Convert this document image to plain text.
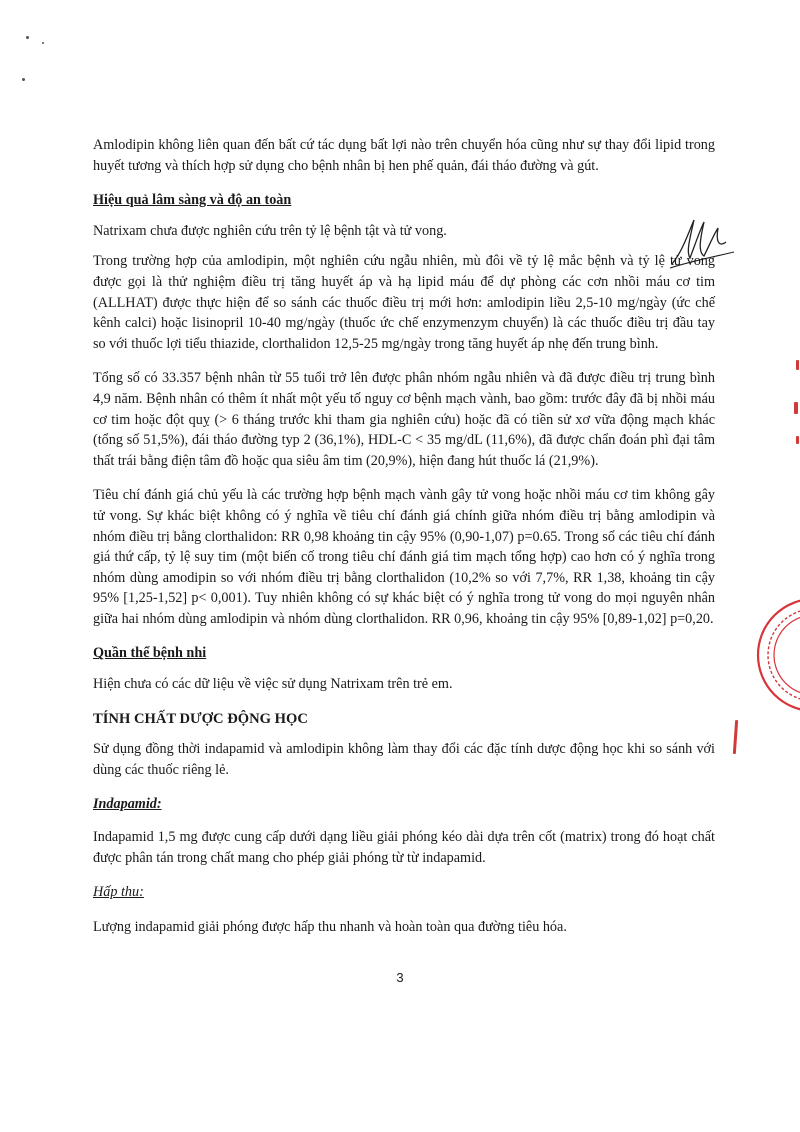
Amlodipin không liên quan đến bất cứ tác dụng bất lợi nào trên chuyển hóa cũng như sự thay đổi lipid trong huyết tương và thích hợp sử dụng cho bệnh nhân bị hen phế quản, đái tháo đường và gút.

Hiệu quả lâm sàng và độ an toàn

Natrixam chưa được nghiên cứu trên tỷ lệ bệnh tật và tử vong.

Trong trường hợp của amlodipin, một nghiên cứu ngẫu nhiên, mù đôi về tỷ lệ mắc bệnh và tỷ lệ tử vong được gọi là thử nghiệm điều trị tăng huyết áp và hạ lipid máu để dự phòng các cơn nhồi máu cơ tim (ALLHAT) được thực hiện để so sánh các thuốc điều trị mới hơn: amlodipin liều 2,5-10 mg/ngày (ức chế kênh calci) hoặc lisinopril 10-40 mg/ngày (thuốc ức chế enzymenzym chuyển) là các thuốc điều trị đầu tay so với thuốc lợi tiểu thiazide, clorthalidon 12,5-25 mg/ngày trong tăng huyết áp nhẹ đến trung bình.

Tổng số có 33.357 bệnh nhân từ 55 tuổi trở lên được phân nhóm ngẫu nhiên và đã được điều trị trung bình 4,9 năm. Bệnh nhân có thêm ít nhất một yếu tố nguy cơ bệnh mạch vành, bao gồm: trước đây đã bị nhồi máu cơ tim hoặc đột quỵ (> 6 tháng trước khi tham gia nghiên cứu) hoặc đã có tiền sử xơ vữa động mạch khác (tổng số 51,5%), đái tháo đường typ 2 (36,1%), HDL-C < 35 mg/dL (11,6%), đã được chẩn đoán phì đại tâm thất trái bằng điện tâm đồ hoặc qua siêu âm tim (20,9%), hiện đang hút thuốc lá (21,9%).

Tiêu chí đánh giá chủ yếu là các trường hợp bệnh mạch vành gây tử vong hoặc nhồi máu cơ tim không gây tử vong. Sự khác biệt không có ý nghĩa về tiêu chí đánh giá chính giữa nhóm điều trị bằng amlodipin và nhóm điều trị bằng clorthalidon: RR 0,98 khoảng tin cậy 95% (0,90-1,07) p=0.65. Trong số các tiêu chí đánh giá thứ cấp, tỷ lệ suy tim (một biến cố trong tiêu chí đánh giá tim mạch tổng hợp) cao hơn có ý nghĩa trong nhóm dùng amodipin so với nhóm điều trị bằng clorthalidon (10,2% so với 7,7%, RR 1,38, khoảng tin cậy 95% [1,25-1,52] p< 0,001). Tuy nhiên không có sự khác biệt có ý nghĩa trong tử vong do mọi nguyên nhân giữa hai nhóm dùng amlodipin và nhóm dùng clorthalidon. RR 0,96, khoảng tin cậy 95% [0,89-1,02] p=0,20.

Quần thể bệnh nhi

Hiện chưa có các dữ liệu về việc sử dụng Natrixam trên trẻ em.

TÍNH CHẤT DƯỢC ĐỘNG HỌC

Sử dụng đồng thời indapamid và amlodipin không làm thay đổi các đặc tính dược động học khi so sánh với dùng các thuốc riêng lẻ.

Indapamid:

Indapamid 1,5 mg được cung cấp dưới dạng liều giải phóng kéo dài dựa trên cốt (matrix) trong đó hoạt chất được phân tán trong chất mang cho phép giải phóng từ từ indapamid.

Hấp thu:

Lượng indapamid giải phóng được hấp thu nhanh và hoàn toàn qua đường tiêu hóa.

3
